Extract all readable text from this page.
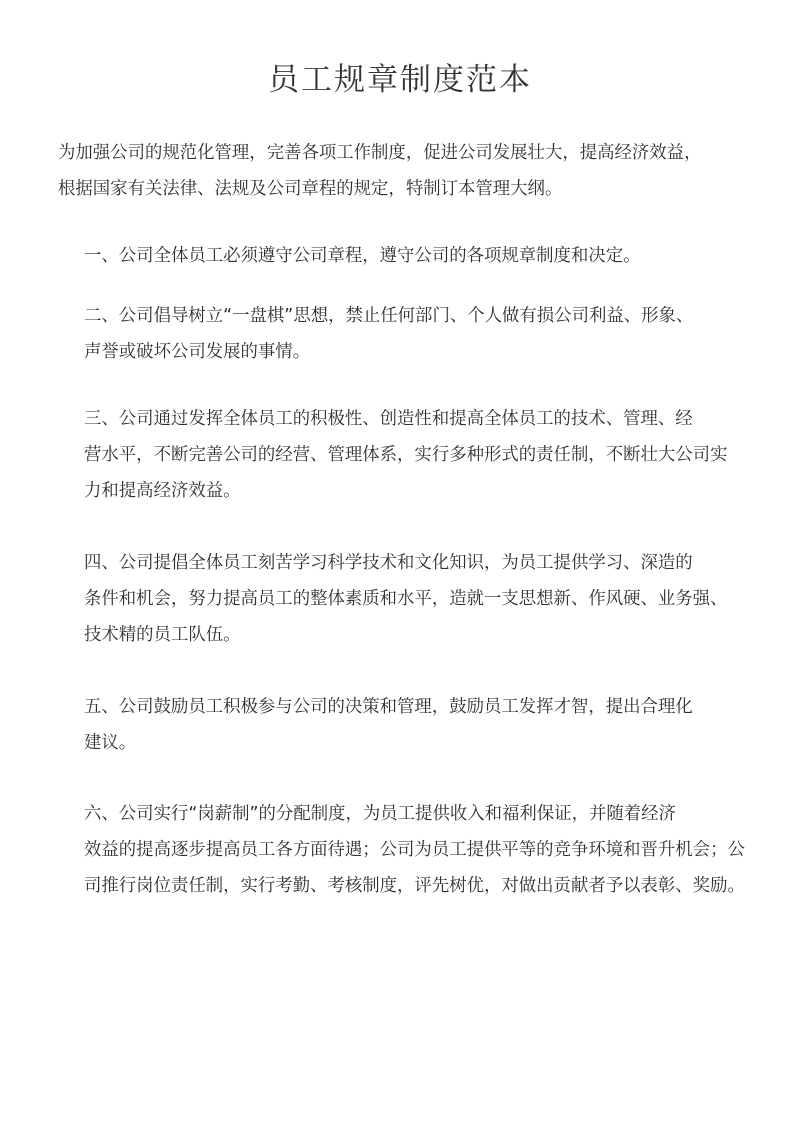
员工规章制度范本
为加强公司的规范化管理，完善各项工作制度，促进公司发展壮大，提高经济效益，
根据国家有关法律、法规及公司章程的规定，特制订本管理大纲。
一、公司全体员工必须遵守公司章程，遵守公司的各项规章制度和决定。
二、公司倡导树立“一盘棋”思想，禁止任何部门、个人做有损公司利益、形象、
声誉或破坏公司发展的事情。
三、公司通过发挥全体员工的积极性、创造性和提高全体员工的技术、管理、经
营水平，不断完善公司的经营、管理体系，实行多种形式的责任制，不断壮大公司实
力和提高经济效益。
四、公司提倡全体员工刻苦学习科学技术和文化知识，为员工提供学习、深造的
条件和机会，努力提高员工的整体素质和水平，造就一支思想新、作风硬、业务强、
技术精的员工队伍。
五、公司鼓励员工积极参与公司的决策和管理，鼓励员工发挥才智，提出合理化
建议。
六、公司实行“岗薪制”的分配制度，为员工提供收入和福利保证，并随着经济
效益的提高逐步提高员工各方面待遇；公司为员工提供平等的竞争环境和晋升机会；公
司推行岗位责任制，实行考勤、考核制度，评先树优，对做出贡献者予以表彰、奖励。
